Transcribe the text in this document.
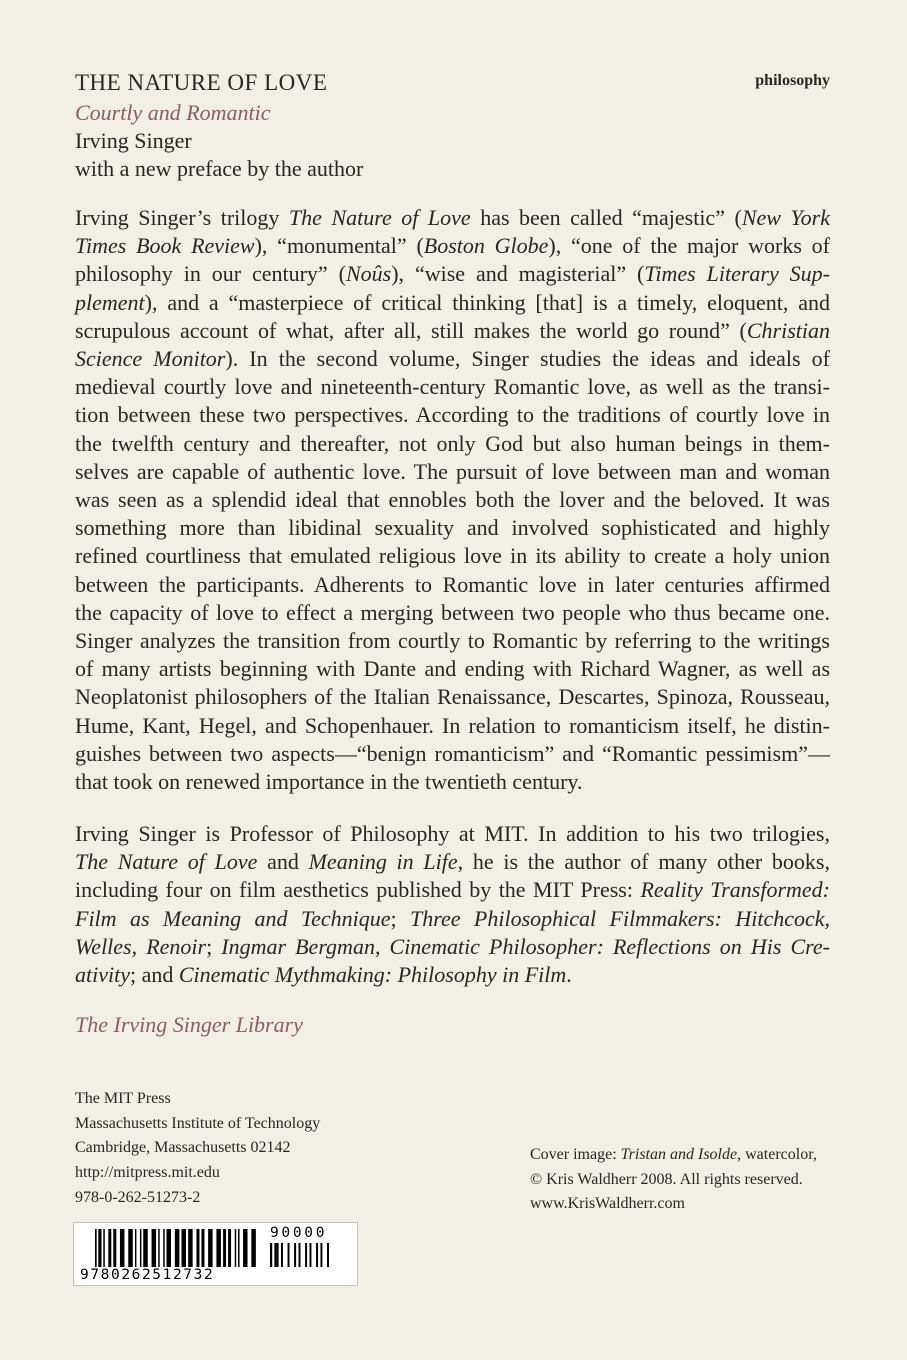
THE NATURE OF LOVE
Courtly and Romantic
Irving Singer
with a new preface by the author
philosophy
Irving Singer’s trilogy The Nature of Love has been called “majestic” (New York
Times Book Review), “monumental” (Boston Globe), “one of the major works of
philosophy in our century” (Noûs), “wise and magisterial” (Times Literary Sup-
plement), and a “masterpiece of critical thinking [that] is a timely, eloquent, and
scrupulous account of what, after all, still makes the world go round” (Christian
Science Monitor). In the second volume, Singer studies the ideas and ideals of
medieval courtly love and nineteenth-century Romantic love, as well as the transi-
tion between these two perspectives. According to the traditions of courtly love in
the twelfth century and thereafter, not only God but also human beings in them-
selves are capable of authentic love. The pursuit of love between man and woman
was seen as a splendid ideal that ennobles both the lover and the beloved. It was
something more than libidinal sexuality and involved sophisticated and highly
refined courtliness that emulated religious love in its ability to create a holy union
between the participants. Adherents to Romantic love in later centuries affirmed
the capacity of love to effect a merging between two people who thus became one.
Singer analyzes the transition from courtly to Romantic by referring to the writings
of many artists beginning with Dante and ending with Richard Wagner, as well as
Neoplatonist philosophers of the Italian Renaissance, Descartes, Spinoza, Rousseau,
Hume, Kant, Hegel, and Schopenhauer. In relation to romanticism itself, he distin-
guishes between two aspects—“benign romanticism” and “Romantic pessimism”—
that took on renewed importance in the twentieth century.
Irving Singer is Professor of Philosophy at MIT. In addition to his two trilogies,
The Nature of Love and Meaning in Life, he is the author of many other books,
including four on film aesthetics published by the MIT Press: Reality Transformed:
Film as Meaning and Technique; Three Philosophical Filmmakers: Hitchcock,
Welles, Renoir; Ingmar Bergman, Cinematic Philosopher: Reflections on His Cre-
ativity; and Cinematic Mythmaking: Philosophy in Film.
The Irving Singer Library
The MIT Press
Massachusetts Institute of Technology
Cambridge, Massachusetts 02142
http://mitpress.mit.edu
978-0-262-51273-2
Cover image: Tristan and Isolde, watercolor,
© Kris Waldherr 2008. All rights reserved.
www.KrisWaldherr.com
9780262512732
90000
